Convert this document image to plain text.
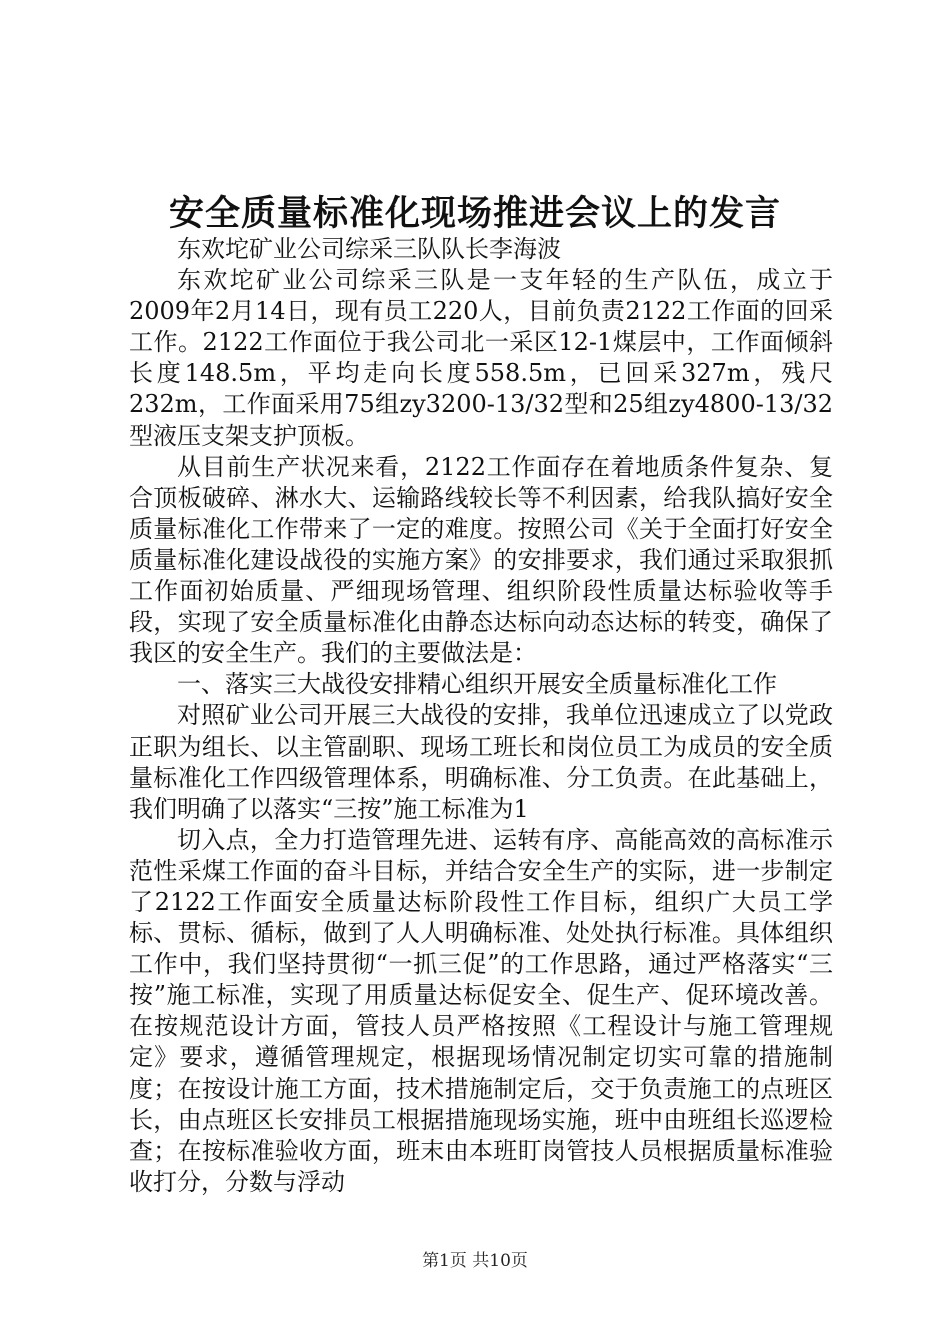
安全质量标准化现场推进会议上的发言

东欢坨矿业公司综采三队队长李海波

东欢坨矿业公司综采三队是一支年轻的生产队伍，成立于2009年2月14日，现有员工220人，目前负责2122工作面的回采工作。2122工作面位于我公司北一采区12-1煤层中，工作面倾斜长度148.5m，平均走向长度558.5m，已回采327m，残尺232m，工作面采用75组zy3200-13/32型和25组zy4800-13/32型液压支架支护顶板。

从目前生产状况来看，2122工作面存在着地质条件复杂、复合顶板破碎、淋水大、运输路线较长等不利因素，给我队搞好安全质量标准化工作带来了一定的难度。按照公司《关于全面打好安全质量标准化建设战役的实施方案》的安排要求，我们通过采取狠抓工作面初始质量、严细现场管理、组织阶段性质量达标验收等手段，实现了安全质量标准化由静态达标向动态达标的转变，确保了我区的安全生产。我们的主要做法是：

一、落实三大战役安排精心组织开展安全质量标准化工作

对照矿业公司开展三大战役的安排，我单位迅速成立了以党政正职为组长、以主管副职、现场工班长和岗位员工为成员的安全质量标准化工作四级管理体系，明确标准、分工负责。在此基础上，我们明确了以落实“三按”施工标准为1

切入点，全力打造管理先进、运转有序、高能高效的高标准示范性采煤工作面的奋斗目标，并结合安全生产的实际，进一步制定了2122工作面安全质量达标阶段性工作目标，组织广大员工学标、贯标、循标，做到了人人明确标准、处处执行标准。具体组织工作中，我们坚持贯彻“一抓三促”的工作思路，通过严格落实“三按”施工标准，实现了用质量达标促安全、促生产、促环境改善。在按规范设计方面，管技人员严格按照《工程设计与施工管理规定》要求，遵循管理规定，根据现场情况制定切实可靠的措施制度；在按设计施工方面，技术措施制定后，交于负责施工的点班区长，由点班区长安排员工根据措施现场实施，班中由班组长巡逻检查；在按标准验收方面，班末由本班盯岗管技人员根据质量标准验收打分，分数与浮动

第1页 共10页
